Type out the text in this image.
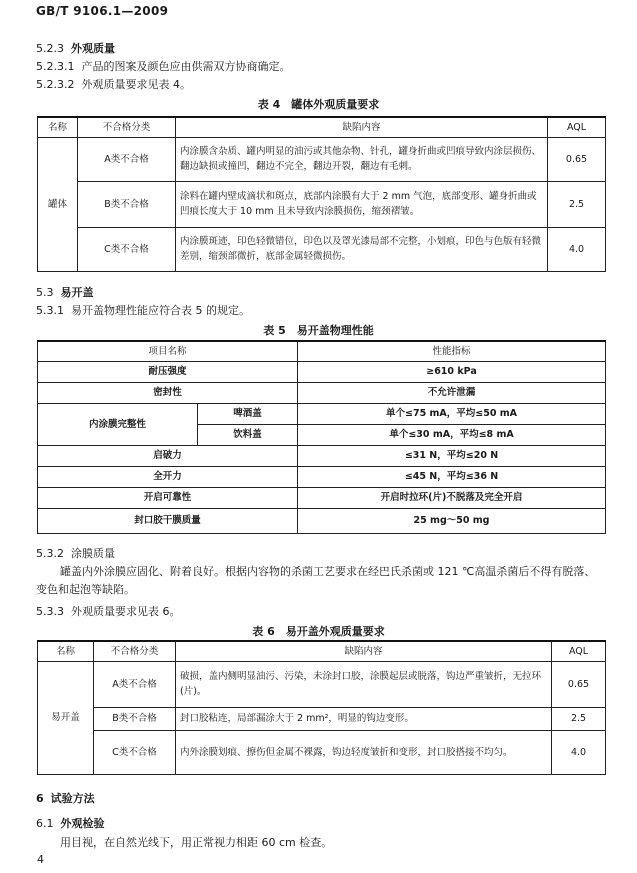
GB/T 9106.1—2009
5.2.3 外观质量
5.2.3.1 产品的图案及颜色应由供需双方协商确定。
5.2.3.2 外观质量要求见表 4。
表 4　罐体外观质量要求
名称	不合格分类	缺陷内容	AQL
罐体	A类不合格	内涂膜含杂质、罐内明显的油污或其他杂物、针孔，罐身折曲或凹痕导致内涂层损伤、翻边缺损或撞凹，翻边不完全，翻边开裂，翻边有毛刺。	0.65
	B类不合格	涂料在罐内壁成滴状和斑点，底部内涂膜有大于 2 mm 气泡，底部变形、罐身折曲或凹痕长度大于 10 mm 且未导致内涂膜损伤，缩颈褶皱。	2.5
	C类不合格	内涂膜斑迹，印色轻微错位，印色以及罩光漆局部不完整，小划痕，印色与色版有轻微差别，缩颈部微折，底部金属轻微损伤。	4.0
5.3 易开盖
5.3.1 易开盖物理性能应符合表 5 的规定。
表 5　易开盖物理性能
项目名称		性能指标
耐压强度		≥610 kPa
密封性		不允许泄漏
内涂膜完整性	啤酒盖	单个≤75 mA，平均≤50 mA
	饮料盖	单个≤30 mA，平均≤8 mA
启破力		≤31 N，平均≤20 N
全开力		≤45 N，平均≤36 N
开启可靠性		开启时拉环(片)不脱落及完全开启
封口胶干膜质量		25 mg～50 mg
5.3.2 涂膜质量
罐盖内外涂膜应固化、附着良好。根据内容物的杀菌工艺要求在经巴氏杀菌或 121 ℃高温杀菌后不得有脱落、变色和起泡等缺陷。
5.3.3 外观质量要求见表 6。
表 6　易开盖外观质量要求
名称	不合格分类	缺陷内容	AQL
易开盖	A类不合格	破损，盖内侧明显油污、污染，未涂封口胶，涂膜起层或脱落，钩边严重皱折，无拉环(片)。	0.65
	B类不合格	封口胶粘连，局部漏涂大于 2 mm²，明显的钩边变形。	2.5
	C类不合格	内外涂膜划痕、擦伤但金属不裸露，钩边轻度皱折和变形，封口胶搭接不均匀。	4.0
6 试验方法
6.1 外观检验
用目视，在自然光线下，用正常视力相距 60 cm 检查。
4
